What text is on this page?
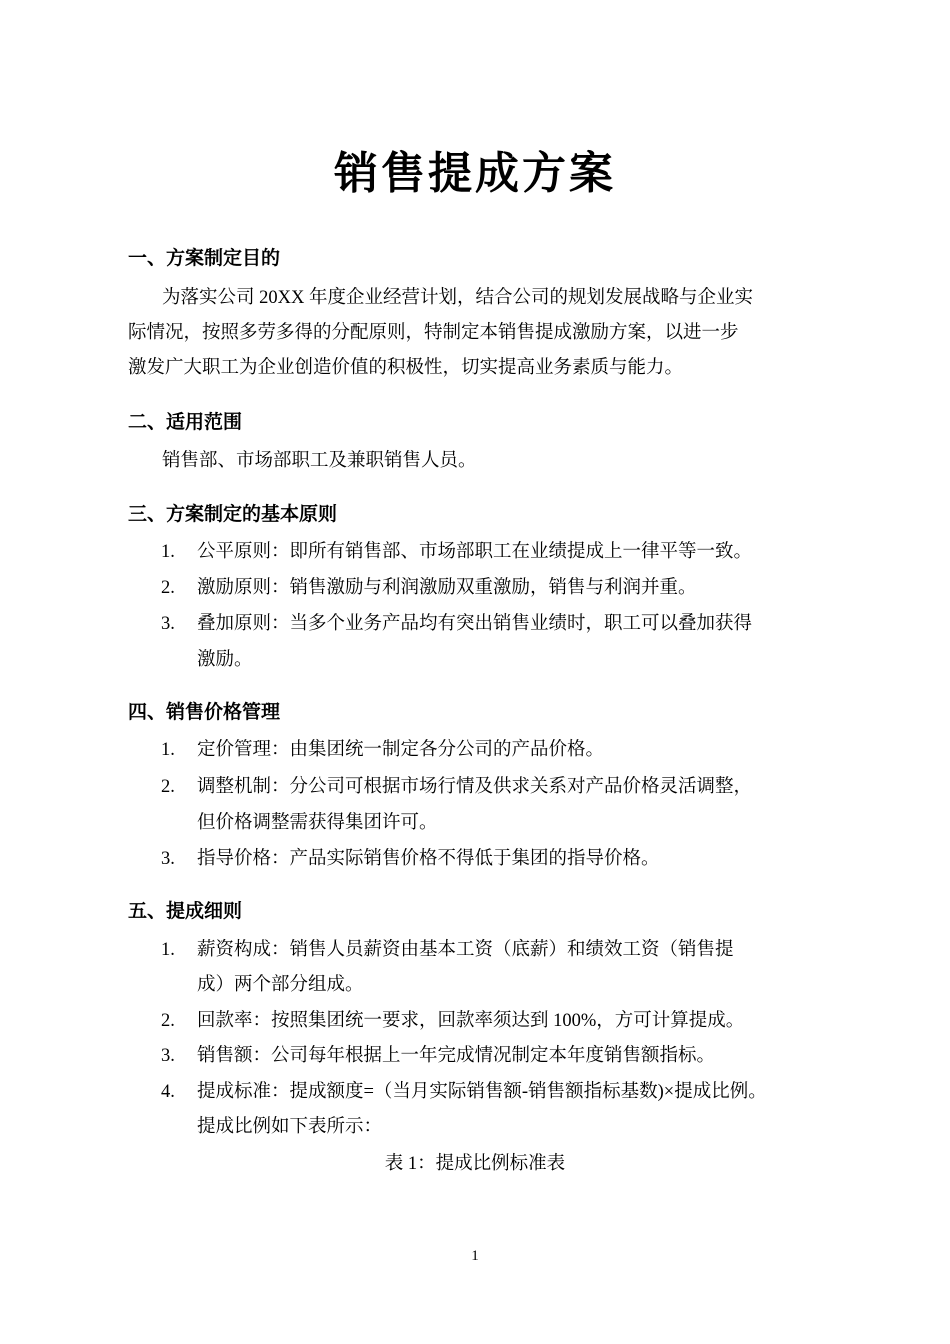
销售提成方案
一、方案制定目的
为落实公司 20XX 年度企业经营计划，结合公司的规划发展战略与企业实
际情况，按照多劳多得的分配原则，特制定本销售提成激励方案，以进一步
激发广大职工为企业创造价值的积极性，切实提高业务素质与能力。
二、适用范围
销售部、市场部职工及兼职销售人员。
三、方案制定的基本原则
1. 公平原则：即所有销售部、市场部职工在业绩提成上一律平等一致。
2. 激励原则：销售激励与利润激励双重激励，销售与利润并重。
3. 叠加原则：当多个业务产品均有突出销售业绩时，职工可以叠加获得
激励。
四、销售价格管理
1. 定价管理：由集团统一制定各分公司的产品价格。
2. 调整机制：分公司可根据市场行情及供求关系对产品价格灵活调整，
但价格调整需获得集团许可。
3. 指导价格：产品实际销售价格不得低于集团的指导价格。
五、提成细则
1. 薪资构成：销售人员薪资由基本工资（底薪）和绩效工资（销售提
成）两个部分组成。
2. 回款率：按照集团统一要求，回款率须达到 100%，方可计算提成。
3. 销售额：公司每年根据上一年完成情况制定本年度销售额指标。
4. 提成标准：提成额度=（当月实际销售额-销售额指标基数)×提成比例。
提成比例如下表所示：
表 1：提成比例标准表
1
